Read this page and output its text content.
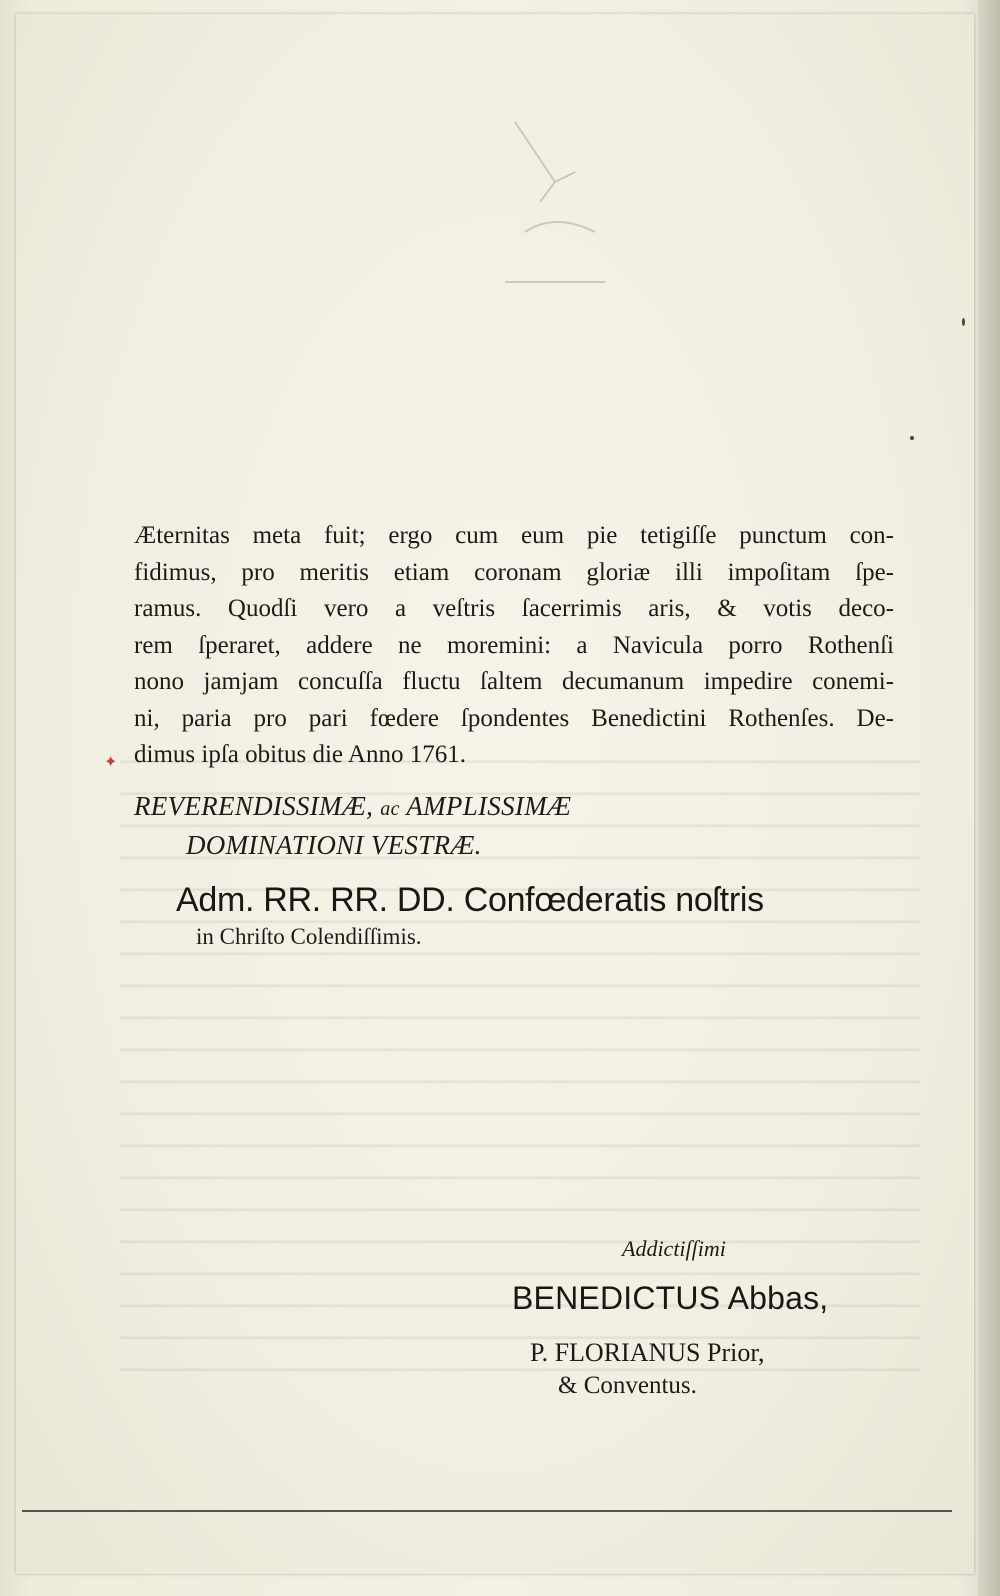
Æternitas meta fuit; ergo cum eum pie tetigiſſe punctum con-
fidimus, pro meritis etiam coronam gloriæ illi impoſitam ſpe-
ramus. Quodſi vero a veſtris ſacerrimis aris, & votis deco-
rem ſperaret, addere ne moremini: a Navicula porro Rothenſi
nono jamjam concuſſa fluctu ſaltem decumanum impedire conemi-
ni, paria pro pari fœdere ſpondentes Benedictini Rothenſes. De-
dimus ipſa obitus die Anno 1761.
✦
REVERENDISSIMÆ, ac AMPLISSIMÆ
DOMINATIONI VESTRÆ.
Adm. RR. RR. DD. Confœderatis noſtris
in Chriſto Colendiſſimis.
Addictiſſimi
BENEDICTUS Abbas,
P. FLORIANUS Prior,
& Conventus.
